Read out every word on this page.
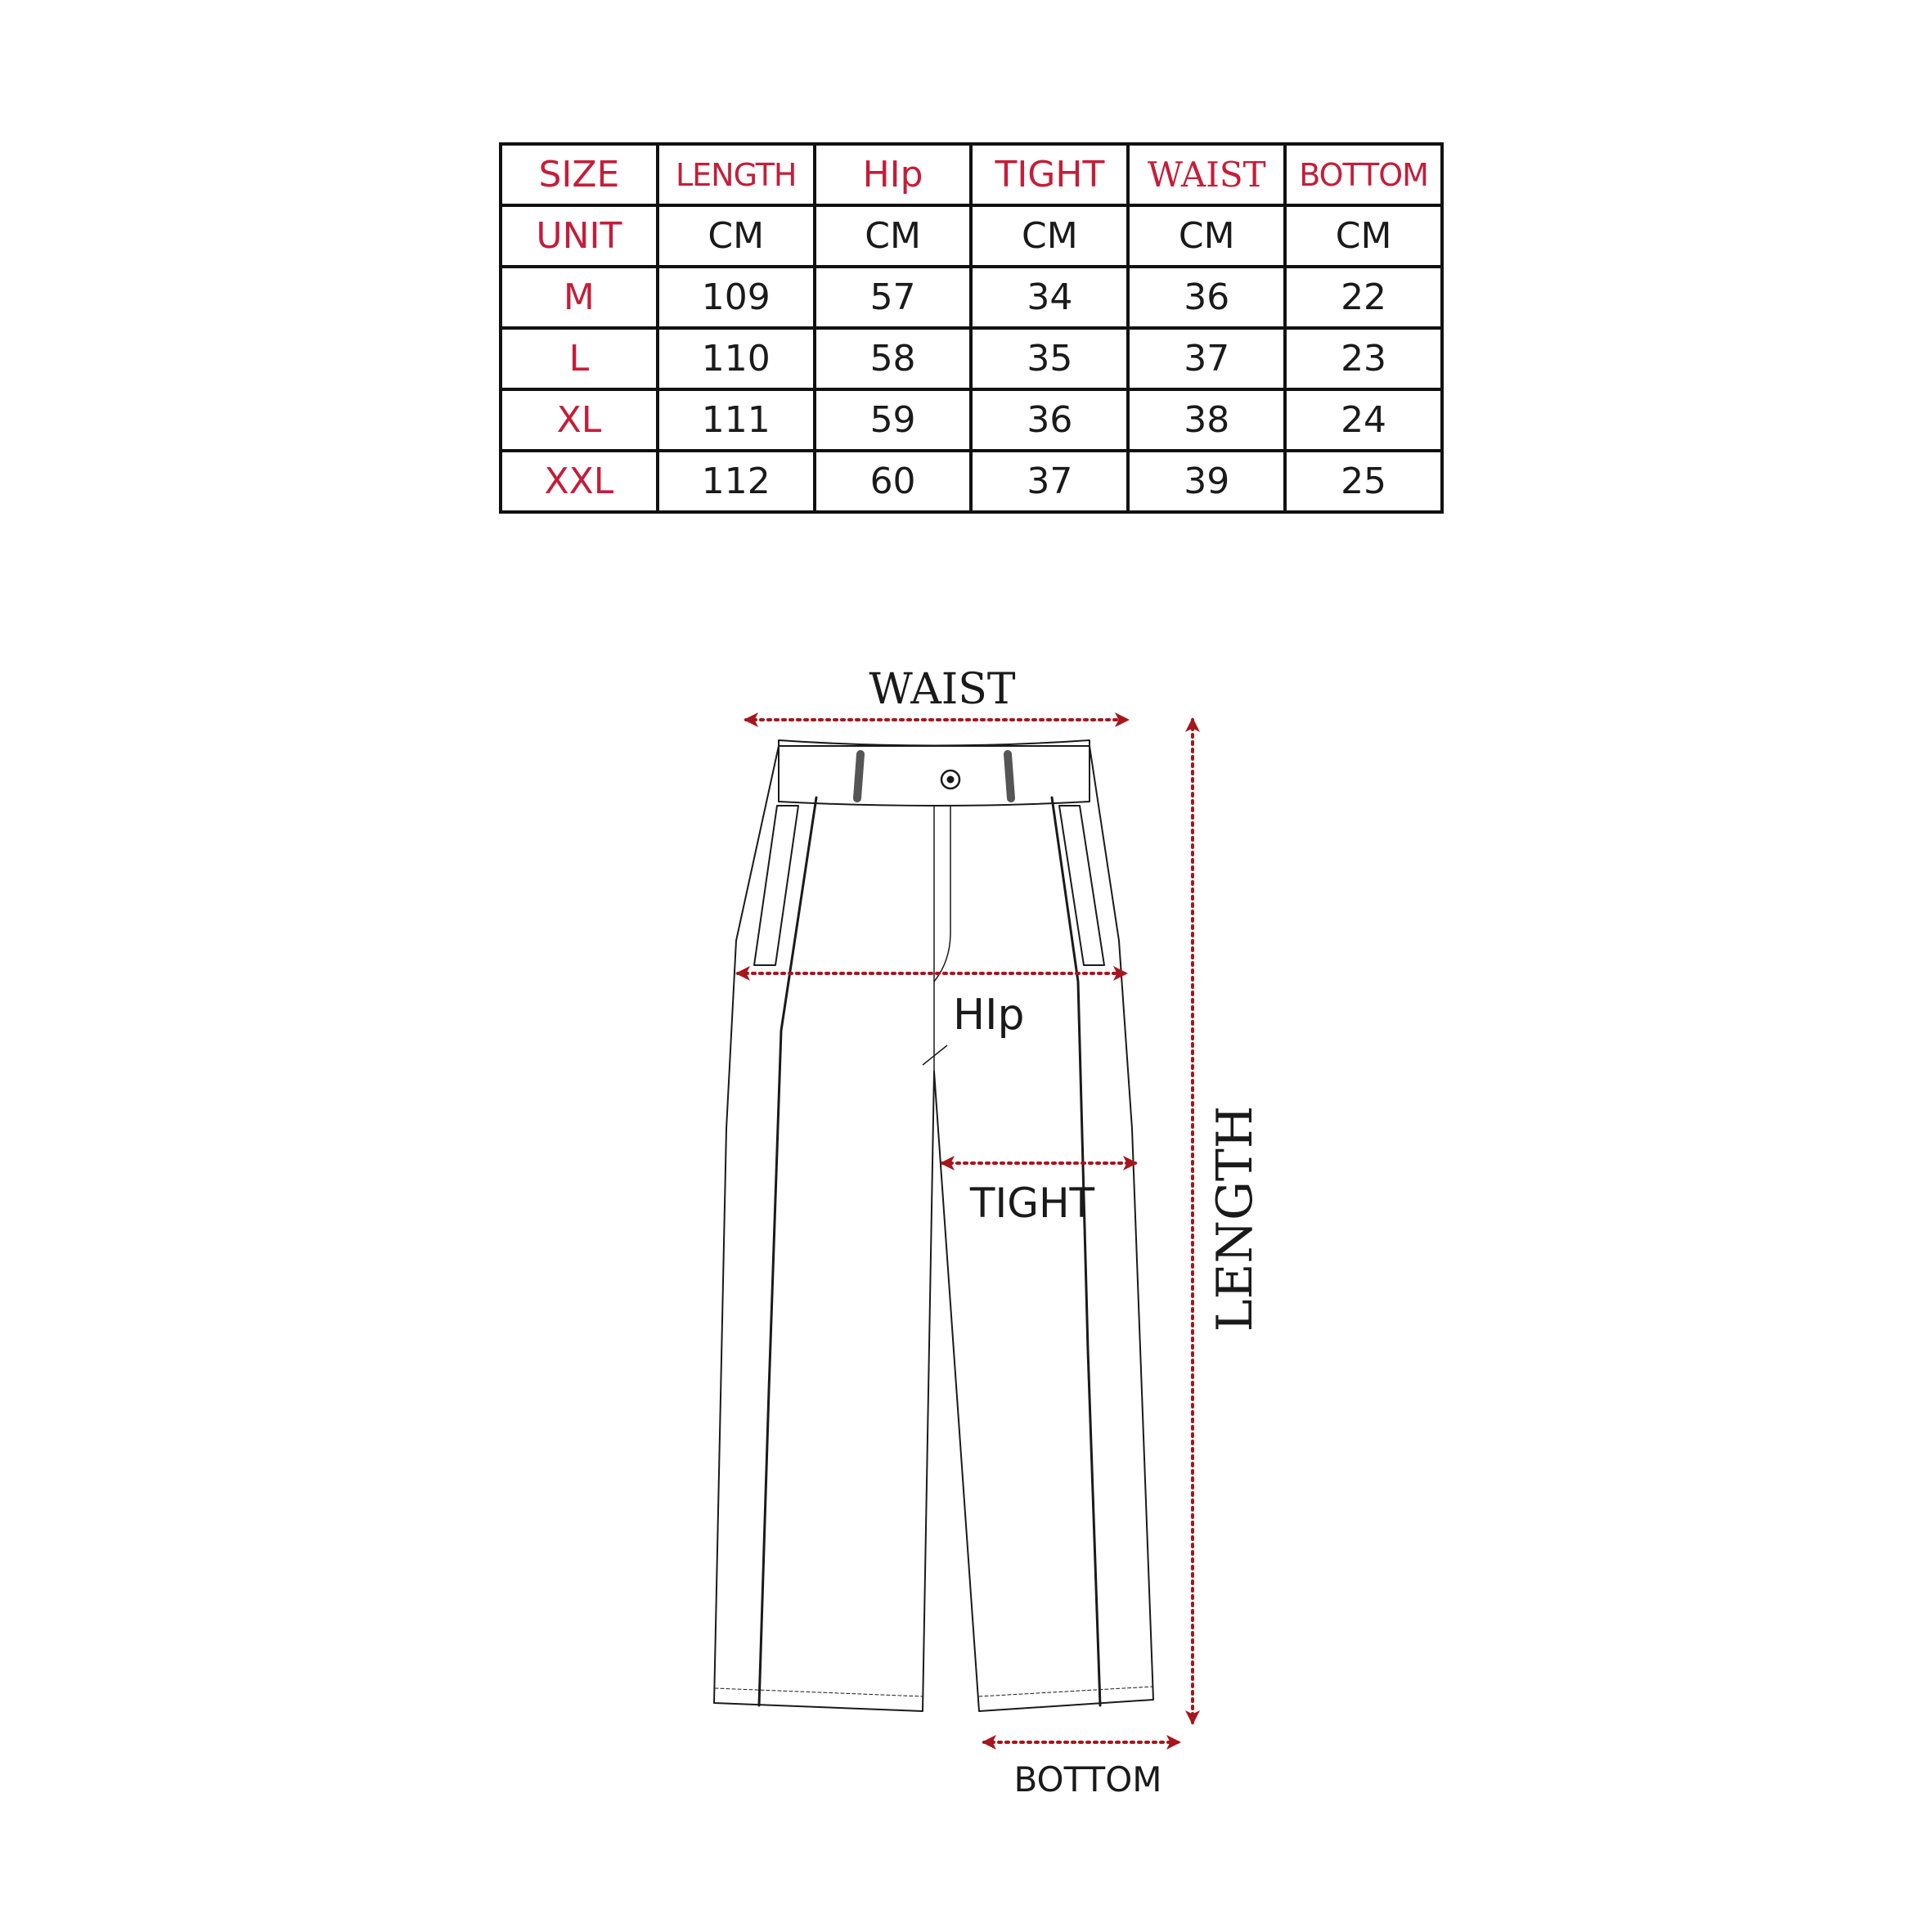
SIZE	LENGTH	HIp	TIGHT	WAIST	BOTTOM
UNIT	CM	CM	CM	CM	CM
M	109	57	34	36	22
L	110	58	35	37	23
XL	111	59	36	38	24
XXL	112	60	37	39	25
WAIST
HIp
TIGHT LENGTH
BOTTOM
